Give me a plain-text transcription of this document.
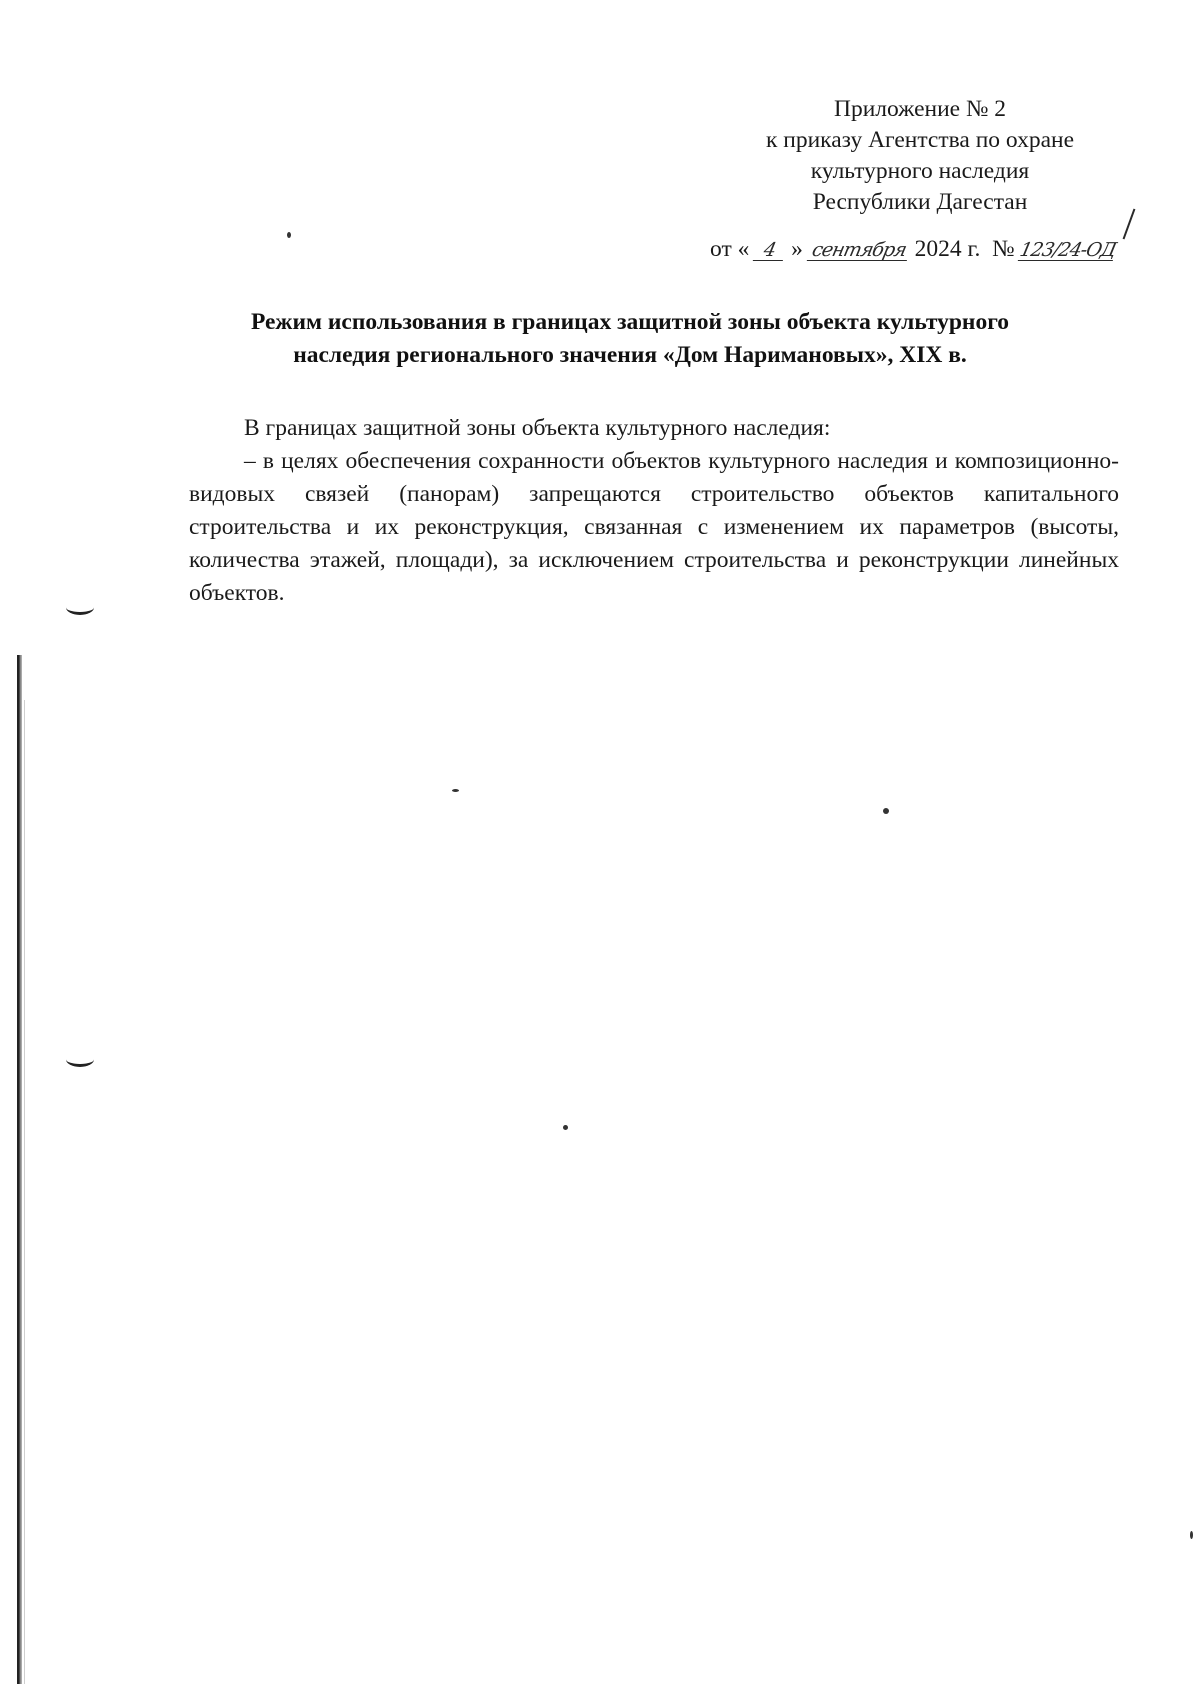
Приложение № 2
к приказу Агентства по охране
культурного наследия
Республики Дагестан
от « 4 » сентября 2024 г. № 123/24-ОД
Режим использования в границах защитной зоны объекта культурного
наследия регионального значения «Дом Наримановых», XIX в.

В границах защитной зоны объекта культурного наследия:

– в целях обеспечения сохранности объектов культурного наследия и композиционно-видовых связей (панорам) запрещаются строительство объектов капитального строительства и их реконструкция, связанная с изменением их параметров (высоты, количества этажей, площади), за исключением строительства и реконструкции линейных объектов.
